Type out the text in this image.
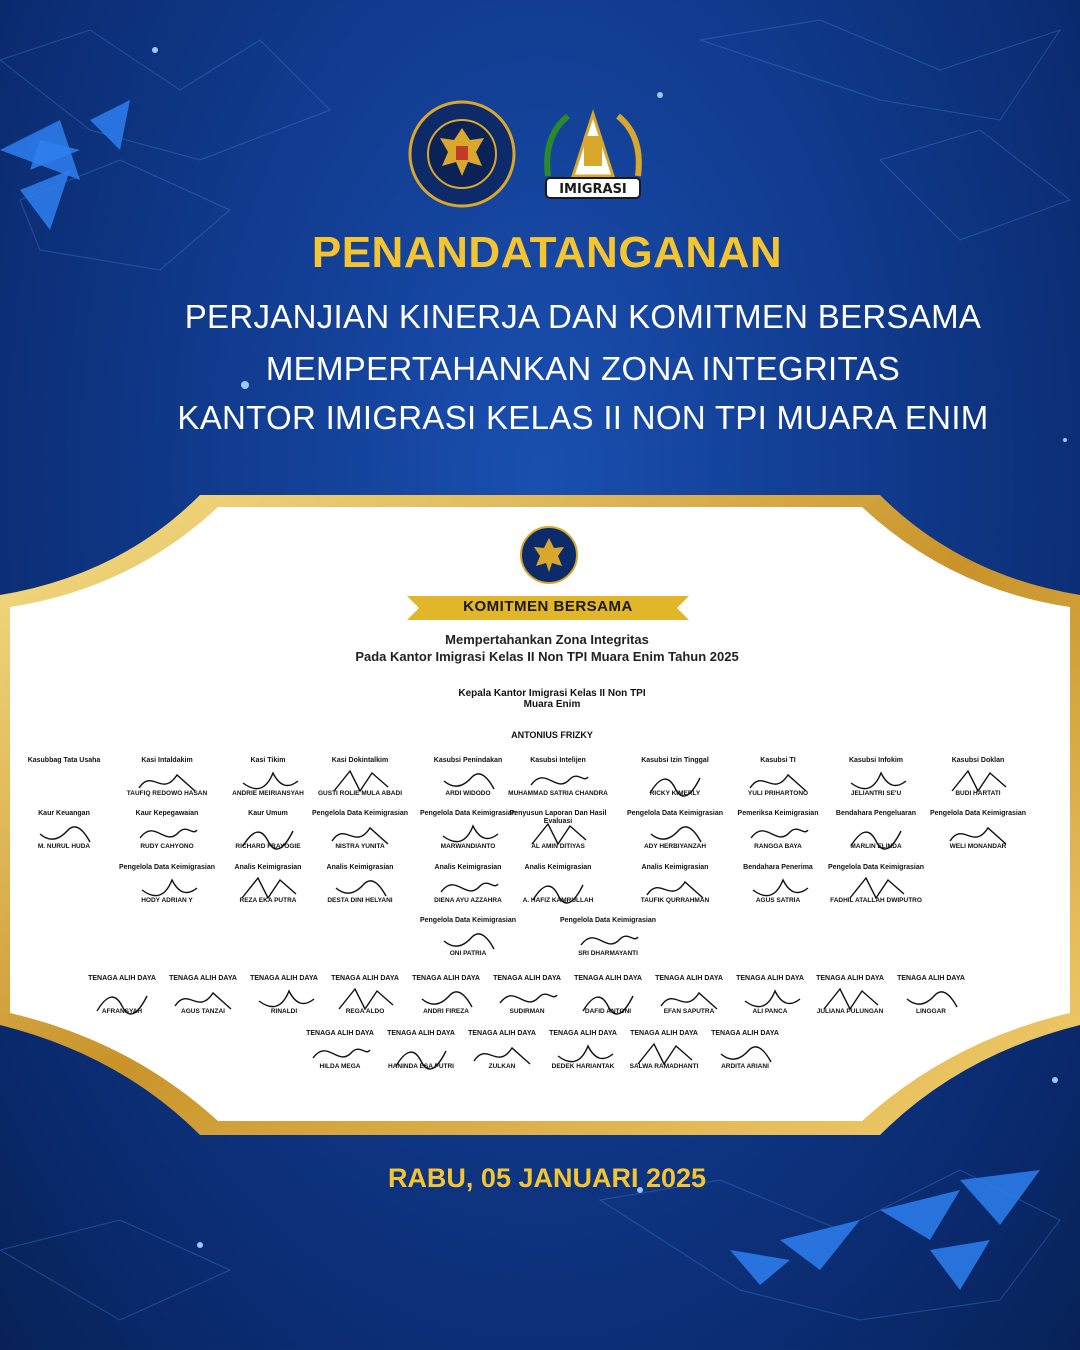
IMIGRASI
PENANDATANGANAN
PERJANJIAN KINERJA DAN KOMITMEN BERSAMA
MEMPERTAHANKAN ZONA INTEGRITAS
KANTOR IMIGRASI KELAS II NON TPI MUARA ENIM
KOMITMEN BERSAMA
Mempertahankan Zona Integritas
Pada Kantor Imigrasi Kelas II Non TPI Muara Enim Tahun 2025
Kepala Kantor Imigrasi Kelas II Non TPI
Muara Enim
ANTONIUS FRIZKY
Kasubbag Tata Usaha	Kasi Intaldakim
TAUFIQ REDOWO HASAN
Kasi Tikim
ANDRIE MEIRIANSYAH
Kasi Dokintalkim
GUSTI ROLIE MULA ABADI
Kasubsi Penindakan
ARDI WIDODO
Kasubsi Intelijen
MUHAMMAD SATRIA CHANDRA
Kasubsi Izin Tinggal
RICKY KIMERLY
Kasubsi TI
YULI PRIHARTONO
Kasubsi Infokim
JELIANTRI SE'U
Kasubsi Doklan
BUDI HARTATI
Kaur Keuangan
M. NURUL HUDA
Kaur Kepegawaian
RUDY CAHYONO
Kaur Umum
RICHARD FRAYOGIE
Pengelola Data Keimigrasian
NISTRA YUNITA
Pengelola Data Keimigrasian
MARWANDIANTO
Penyusun Laporan Dan Hasil Evaluasi
AL AMIN DITIYAS
Pengelola Data Keimigrasian
ADY HERBIYANZAH
Pemeriksa Keimigrasian
RANGGA BAYA
Bendahara Pengeluaran
MARLIN ELINDA
Pengelola Data Keimigrasian
WELI MONANDAR
Pengelola Data Keimigrasian
HODY ADRIAN Y
Analis Keimigrasian
REZA EKA PUTRA
Analis Keimigrasian
DESTA DINI HELYANI
Analis Keimigrasian
DIENA AYU AZZAHRA
Analis Keimigrasian
A. HAFIZ KAMRULLAH
Analis Keimigrasian
TAUFIK QURRAHMAN
Bendahara Penerima
AGUS SATRIA
Pengelola Data Keimigrasian
FADHIL ATALLAH DWIPUTRO
Pengelola Data Keimigrasian
ONI PATRIA
Pengelola Data Keimigrasian
SRI DHARMAYANTI
TENAGA ALIH DAYA
AFRANSYAH
TENAGA ALIH DAYA
AGUS TANZAI
TENAGA ALIH DAYA
RINALDI
TENAGA ALIH DAYA
REGA ALDO
TENAGA ALIH DAYA
ANDRI FIREZA
TENAGA ALIH DAYA
SUDIRMAN
TENAGA ALIH DAYA
DAFID ANTONI
TENAGA ALIH DAYA
EFAN SAPUTRA
TENAGA ALIH DAYA
ALI PANCA
TENAGA ALIH DAYA
JULIANA PULUNGAN
TENAGA ALIH DAYA
LINGGAR
TENAGA ALIH DAYA
HILDA MEGA
TENAGA ALIH DAYA
HANINDA ESA PUTRI
TENAGA ALIH DAYA
ZULKAN
TENAGA ALIH DAYA
DEDEK HARIANTAK
TENAGA ALIH DAYA
SALWA RAMADHANTI
TENAGA ALIH DAYA
ARDITA ARIANI
RABU, 05 JANUARI 2025
